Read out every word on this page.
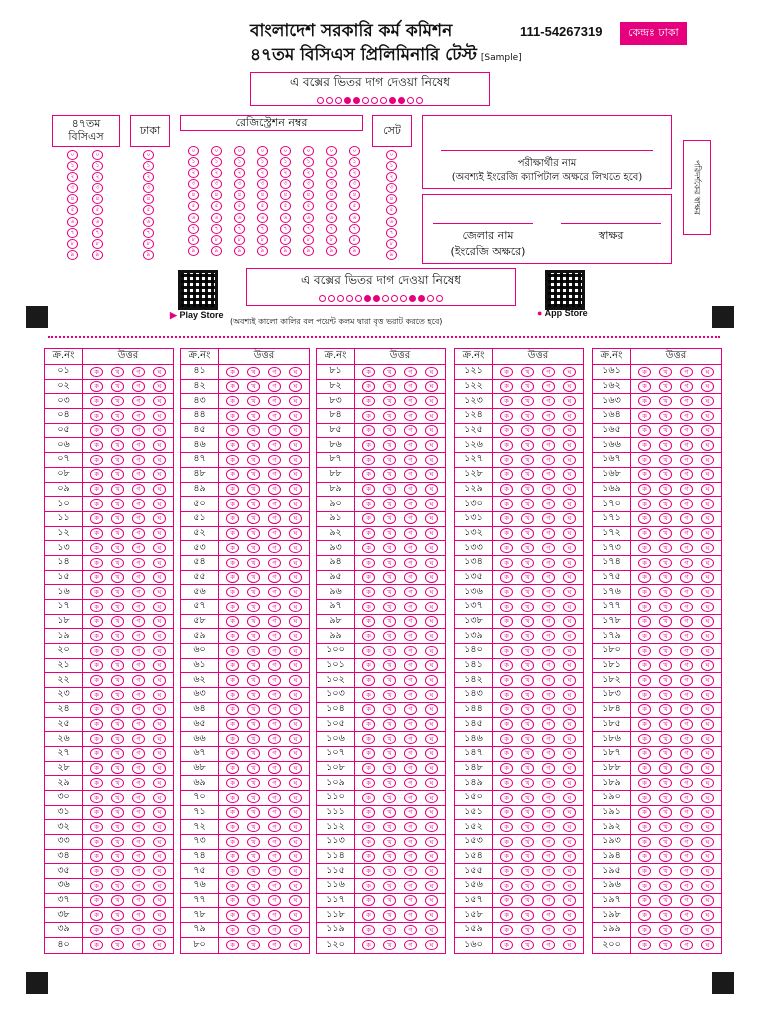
বাংলাদেশ সরকারি কর্ম কমিশন
৪৭তম বিসিএস প্রিলিমিনারি টেস্ট [Sample]
111-54267319	কেন্দ্রঃ ঢাকা
এ বক্সের ভিতর দাগ দেওয়া নিষেধ
৪৭তম বিসিএস	ঢাকা
রেজিস্ট্রেশন নম্বর
সেট
০
১
২
৩
৪
৫
৬
৭
৮
৯
০
১
২
৩
৪
৫
৬
৭
৮
৯
০
১
২
৩
৪
৫
৬
৭
৮
৯
০
১
২
৩
৪
৫
৬
৭
৮
৯
০
১
২
৩
৪
৫
৬
৭
৮
৯
০
১
২
৩
৪
৫
৬
৭
৮
৯
০
১
২
৩
৪
৫
৬
৭
৮
৯
০
১
২
৩
৪
৫
৬
৭
৮
৯
০
১
২
৩
৪
৫
৬
৭
৮
৯
০
১
২
৩
৪
৫
৬
৭
৮
৯
০
১
২
৩
৪
৫
৬
৭
৮
৯
০
১
২
৩
৪
৫
৬
৭
৮
৯
পরীক্ষার্থীর নাম
(অবশ্যই ইংরেজি ক্যাপিটাল অক্ষরে লিখতে হবে)
জেলার নাম
(ইংরেজি অক্ষরে)
স্বাক্ষর
পরিদর্শকের স্বাক্ষর
▶ Play Store	● App Store
এ বক্সের ভিতর দাগ দেওয়া নিষেধ
(অবশ্যই কালো কালির বল পয়েন্ট কলম দ্বারা বৃত্ত ভরাট করতে হবে)
ক্র.নং	উত্তর
০১	ক	খ	গ	ঘ
০২	ক	খ	গ	ঘ
০৩	ক	খ	গ	ঘ
০৪	ক	খ	গ	ঘ
০৫	ক	খ	গ	ঘ
০৬	ক	খ	গ	ঘ
০৭	ক	খ	গ	ঘ
০৮	ক	খ	গ	ঘ
০৯	ক	খ	গ	ঘ
১০	ক	খ	গ	ঘ
১১	ক	খ	গ	ঘ
১২	ক	খ	গ	ঘ
১৩	ক	খ	গ	ঘ
১৪	ক	খ	গ	ঘ
১৫	ক	খ	গ	ঘ
১৬	ক	খ	গ	ঘ
১৭	ক	খ	গ	ঘ
১৮	ক	খ	গ	ঘ
১৯	ক	খ	গ	ঘ
২০	ক	খ	গ	ঘ
২১	ক	খ	গ	ঘ
২২	ক	খ	গ	ঘ
২৩	ক	খ	গ	ঘ
২৪	ক	খ	গ	ঘ
২৫	ক	খ	গ	ঘ
২৬	ক	খ	গ	ঘ
২৭	ক	খ	গ	ঘ
২৮	ক	খ	গ	ঘ
২৯	ক	খ	গ	ঘ
৩০	ক	খ	গ	ঘ
৩১	ক	খ	গ	ঘ
৩২	ক	খ	গ	ঘ
৩৩	ক	খ	গ	ঘ
৩৪	ক	খ	গ	ঘ
৩৫	ক	খ	গ	ঘ
৩৬	ক	খ	গ	ঘ
৩৭	ক	খ	গ	ঘ
৩৮	ক	খ	গ	ঘ
৩৯	ক	খ	গ	ঘ
৪০	ক	খ	গ	ঘ
ক্র.নং	উত্তর
৪১	ক	খ	গ	ঘ
৪২	ক	খ	গ	ঘ
৪৩	ক	খ	গ	ঘ
৪৪	ক	খ	গ	ঘ
৪৫	ক	খ	গ	ঘ
৪৬	ক	খ	গ	ঘ
৪৭	ক	খ	গ	ঘ
৪৮	ক	খ	গ	ঘ
৪৯	ক	খ	গ	ঘ
৫০	ক	খ	গ	ঘ
৫১	ক	খ	গ	ঘ
৫২	ক	খ	গ	ঘ
৫৩	ক	খ	গ	ঘ
৫৪	ক	খ	গ	ঘ
৫৫	ক	খ	গ	ঘ
৫৬	ক	খ	গ	ঘ
৫৭	ক	খ	গ	ঘ
৫৮	ক	খ	গ	ঘ
৫৯	ক	খ	গ	ঘ
৬০	ক	খ	গ	ঘ
৬১	ক	খ	গ	ঘ
৬২	ক	খ	গ	ঘ
৬৩	ক	খ	গ	ঘ
৬৪	ক	খ	গ	ঘ
৬৫	ক	খ	গ	ঘ
৬৬	ক	খ	গ	ঘ
৬৭	ক	খ	গ	ঘ
৬৮	ক	খ	গ	ঘ
৬৯	ক	খ	গ	ঘ
৭০	ক	খ	গ	ঘ
৭১	ক	খ	গ	ঘ
৭২	ক	খ	গ	ঘ
৭৩	ক	খ	গ	ঘ
৭৪	ক	খ	গ	ঘ
৭৫	ক	খ	গ	ঘ
৭৬	ক	খ	গ	ঘ
৭৭	ক	খ	গ	ঘ
৭৮	ক	খ	গ	ঘ
৭৯	ক	খ	গ	ঘ
৮০	ক	খ	গ	ঘ
ক্র.নং	উত্তর
৮১	ক	খ	গ	ঘ
৮২	ক	খ	গ	ঘ
৮৩	ক	খ	গ	ঘ
৮৪	ক	খ	গ	ঘ
৮৫	ক	খ	গ	ঘ
৮৬	ক	খ	গ	ঘ
৮৭	ক	খ	গ	ঘ
৮৮	ক	খ	গ	ঘ
৮৯	ক	খ	গ	ঘ
৯০	ক	খ	গ	ঘ
৯১	ক	খ	গ	ঘ
৯২	ক	খ	গ	ঘ
৯৩	ক	খ	গ	ঘ
৯৪	ক	খ	গ	ঘ
৯৫	ক	খ	গ	ঘ
৯৬	ক	খ	গ	ঘ
৯৭	ক	খ	গ	ঘ
৯৮	ক	খ	গ	ঘ
৯৯	ক	খ	গ	ঘ
১০০	ক	খ	গ	ঘ
১০১	ক	খ	গ	ঘ
১০২	ক	খ	গ	ঘ
১০৩	ক	খ	গ	ঘ
১০৪	ক	খ	গ	ঘ
১০৫	ক	খ	গ	ঘ
১০৬	ক	খ	গ	ঘ
১০৭	ক	খ	গ	ঘ
১০৮	ক	খ	গ	ঘ
১০৯	ক	খ	গ	ঘ
১১০	ক	খ	গ	ঘ
১১১	ক	খ	গ	ঘ
১১২	ক	খ	গ	ঘ
১১৩	ক	খ	গ	ঘ
১১৪	ক	খ	গ	ঘ
১১৫	ক	খ	গ	ঘ
১১৬	ক	খ	গ	ঘ
১১৭	ক	খ	গ	ঘ
১১৮	ক	খ	গ	ঘ
১১৯	ক	খ	গ	ঘ
১২০	ক	খ	গ	ঘ
ক্র.নং	উত্তর
১২১	ক	খ	গ	ঘ
১২২	ক	খ	গ	ঘ
১২৩	ক	খ	গ	ঘ
১২৪	ক	খ	গ	ঘ
১২৫	ক	খ	গ	ঘ
১২৬	ক	খ	গ	ঘ
১২৭	ক	খ	গ	ঘ
১২৮	ক	খ	গ	ঘ
১২৯	ক	খ	গ	ঘ
১৩০	ক	খ	গ	ঘ
১৩১	ক	খ	গ	ঘ
১৩২	ক	খ	গ	ঘ
১৩৩	ক	খ	গ	ঘ
১৩৪	ক	খ	গ	ঘ
১৩৫	ক	খ	গ	ঘ
১৩৬	ক	খ	গ	ঘ
১৩৭	ক	খ	গ	ঘ
১৩৮	ক	খ	গ	ঘ
১৩৯	ক	খ	গ	ঘ
১৪০	ক	খ	গ	ঘ
১৪১	ক	খ	গ	ঘ
১৪২	ক	খ	গ	ঘ
১৪৩	ক	খ	গ	ঘ
১৪৪	ক	খ	গ	ঘ
১৪৫	ক	খ	গ	ঘ
১৪৬	ক	খ	গ	ঘ
১৪৭	ক	খ	গ	ঘ
১৪৮	ক	খ	গ	ঘ
১৪৯	ক	খ	গ	ঘ
১৫০	ক	খ	গ	ঘ
১৫১	ক	খ	গ	ঘ
১৫২	ক	খ	গ	ঘ
১৫৩	ক	খ	গ	ঘ
১৫৪	ক	খ	গ	ঘ
১৫৫	ক	খ	গ	ঘ
১৫৬	ক	খ	গ	ঘ
১৫৭	ক	খ	গ	ঘ
১৫৮	ক	খ	গ	ঘ
১৫৯	ক	খ	গ	ঘ
১৬০	ক	খ	গ	ঘ
ক্র.নং	উত্তর
১৬১	ক	খ	গ	ঘ
১৬২	ক	খ	গ	ঘ
১৬৩	ক	খ	গ	ঘ
১৬৪	ক	খ	গ	ঘ
১৬৫	ক	খ	গ	ঘ
১৬৬	ক	খ	গ	ঘ
১৬৭	ক	খ	গ	ঘ
১৬৮	ক	খ	গ	ঘ
১৬৯	ক	খ	গ	ঘ
১৭০	ক	খ	গ	ঘ
১৭১	ক	খ	গ	ঘ
১৭২	ক	খ	গ	ঘ
১৭৩	ক	খ	গ	ঘ
১৭৪	ক	খ	গ	ঘ
১৭৫	ক	খ	গ	ঘ
১৭৬	ক	খ	গ	ঘ
১৭৭	ক	খ	গ	ঘ
১৭৮	ক	খ	গ	ঘ
১৭৯	ক	খ	গ	ঘ
১৮০	ক	খ	গ	ঘ
১৮১	ক	খ	গ	ঘ
১৮২	ক	খ	গ	ঘ
১৮৩	ক	খ	গ	ঘ
১৮৪	ক	খ	গ	ঘ
১৮৫	ক	খ	গ	ঘ
১৮৬	ক	খ	গ	ঘ
১৮৭	ক	খ	গ	ঘ
১৮৮	ক	খ	গ	ঘ
১৮৯	ক	খ	গ	ঘ
১৯০	ক	খ	গ	ঘ
১৯১	ক	খ	গ	ঘ
১৯২	ক	খ	গ	ঘ
১৯৩	ক	খ	গ	ঘ
১৯৪	ক	খ	গ	ঘ
১৯৫	ক	খ	গ	ঘ
১৯৬	ক	খ	গ	ঘ
১৯৭	ক	খ	গ	ঘ
১৯৮	ক	খ	গ	ঘ
১৯৯	ক	খ	গ	ঘ
২০০	ক	খ	গ	ঘ
